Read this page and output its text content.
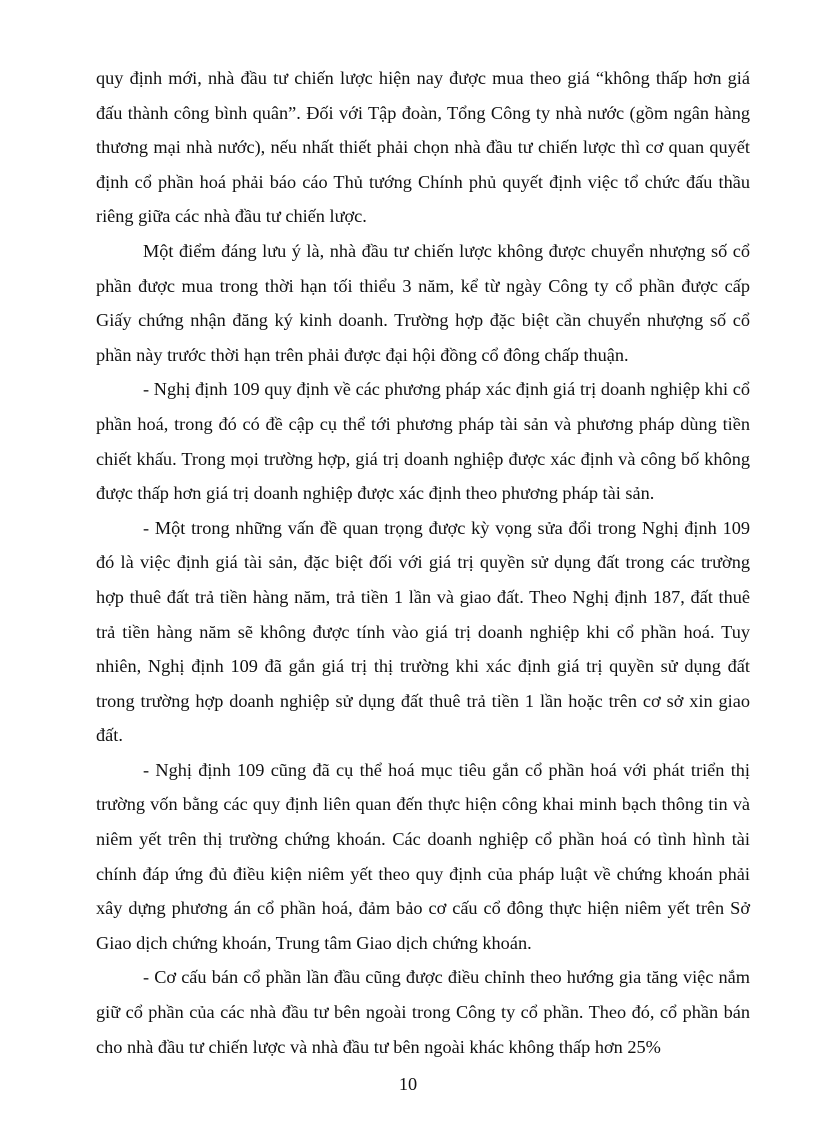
quy định mới, nhà đầu tư chiến lược hiện nay được mua theo giá “không thấp hơn giá đấu thành công bình quân”. Đối với Tập đoàn, Tổng Công ty nhà nước (gồm ngân hàng thương mại nhà nước), nếu nhất thiết phải chọn nhà đầu tư chiến lược thì cơ quan quyết định cổ phần hoá phải báo cáo Thủ tướng Chính phủ quyết định việc tổ chức đấu thầu riêng giữa các nhà đầu tư chiến lược.

Một điểm đáng lưu ý là, nhà đầu tư chiến lược không được chuyển nhượng số cổ phần được mua trong thời hạn tối thiểu 3 năm, kể từ ngày Công ty cổ phần được cấp Giấy chứng nhận đăng ký kinh doanh. Trường hợp đặc biệt cần chuyển nhượng số cổ phần này trước thời hạn trên phải được đại hội đồng cổ đông chấp thuận.

- Nghị định 109 quy định về các phương pháp xác định giá trị doanh nghiệp khi cổ phần hoá, trong đó có đề cập cụ thể tới phương pháp tài sản và phương pháp dùng tiền chiết khấu. Trong mọi trường hợp, giá trị doanh nghiệp được xác định và công bố không được thấp hơn giá trị doanh nghiệp được xác định theo phương pháp tài sản.

- Một trong những vấn đề quan trọng được kỳ vọng sửa đổi trong Nghị định 109 đó là việc định giá tài sản, đặc biệt đối với giá trị quyền sử dụng đất trong các trường hợp thuê đất trả tiền hàng năm, trả tiền 1 lần và giao đất. Theo Nghị định 187, đất thuê trả tiền hàng năm sẽ không được tính vào giá trị doanh nghiệp khi cổ phần hoá. Tuy nhiên, Nghị định 109 đã gắn giá trị thị trường khi xác định giá trị quyền sử dụng đất trong trường hợp doanh nghiệp sử dụng đất thuê trả tiền 1 lần hoặc trên cơ sở xin giao đất.

- Nghị định 109 cũng đã cụ thể hoá mục tiêu gắn cổ phần hoá với phát triển thị trường vốn bằng các quy định liên quan đến thực hiện công khai minh bạch thông tin và niêm yết trên thị trường chứng khoán. Các doanh nghiệp cổ phần hoá có tình hình tài chính đáp ứng đủ điều kiện niêm yết theo quy định của pháp luật về chứng khoán phải xây dựng phương án cổ phần hoá, đảm bảo cơ cấu cổ đông thực hiện niêm yết trên Sở Giao dịch chứng khoán, Trung tâm Giao dịch chứng khoán.

- Cơ cấu bán cổ phần lần đầu cũng được điều chỉnh theo hướng gia tăng việc nắm giữ cổ phần của các nhà đầu tư bên ngoài trong Công ty cổ phần. Theo đó, cổ phần bán cho nhà đầu tư chiến lược và nhà đầu tư bên ngoài khác không thấp hơn 25%

10
